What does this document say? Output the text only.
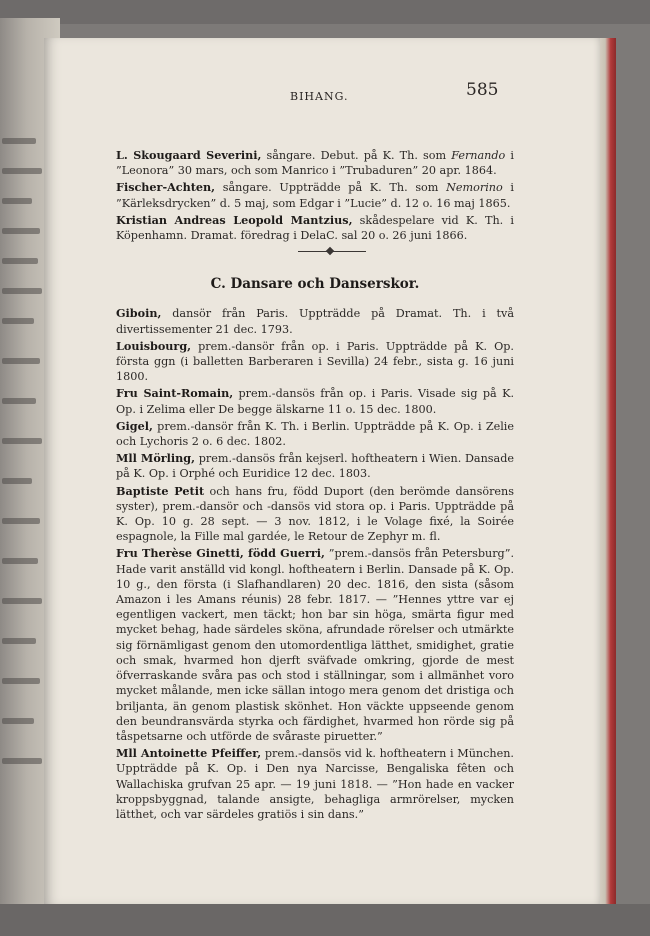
BIHANG.	585

L. Skougaard Severini, sångare. Debut. på K. Th. som Fernando i ”Leonora” 30 mars, och som Manrico i ”Trubaduren” 20 apr. 1864.

Fischer-Achten, sångare. Uppträdde på K. Th. som Nemorino i ”Kärleksdrycken” d. 5 maj, som Edgar i ”Lucie” d. 12 o. 16 maj 1865.

Kristian Andreas Leopold Mantzius, skådespelare vid K. Th. i Köpenhamn. Dramat. föredrag i DelaC. sal 20 o. 26 juni 1866.

C. Dansare och Danserskor.

Giboin, dansör från Paris. Uppträdde på Dramat. Th. i två divertissementer 21 dec. 1793.

Louisbourg, prem.-dansör från op. i Paris. Uppträdde på K. Op. första ggn (i balletten Barberaren i Sevilla) 24 febr., sista g. 16 juni 1800.

Fru Saint-Romain, prem.-dansös från op. i Paris. Visade sig på K. Op. i Zelima eller De begge älskarne 11 o. 15 dec. 1800.

Gigel, prem.-dansör från K. Th. i Berlin. Uppträdde på K. Op. i Zelie och Lychoris 2 o. 6 dec. 1802.

Mll Mörling, prem.-dansös från kejserl. hoftheatern i Wien. Dansade på K. Op. i Orphé och Euridice 12 dec. 1803.

Baptiste Petit och hans fru, född Duport (den berömde dansörens syster), prem.-dansör och -dansös vid stora op. i Paris. Uppträdde på K. Op. 10 g. 28 sept. — 3 nov. 1812, i le Volage fixé, la Soirée espagnole, la Fille mal gardée, le Retour de Zephyr m. fl.

Fru Therèse Ginetti, född Guerri, ”prem.-dansös från Petersburg”. Hade varit anställd vid kongl. hoftheatern i Berlin. Dansade på K. Op. 10 g., den första (i Slafhandlaren) 20 dec. 1816, den sista (såsom Amazon i les Amans réunis) 28 febr. 1817. — ”Hennes yttre var ej egentligen vackert, men täckt; hon bar sin höga, smärta figur med mycket behag, hade särdeles sköna, afrundade rörelser och utmärkte sig förnämligast genom den utomordentliga lätthet, smidighet, gratie och smak, hvarmed hon djerft sväfvade omkring, gjorde de mest öfverraskande svåra pas och stod i ställningar, som i allmänhet voro mycket målande, men icke sällan intogo mera genom det dristiga och briljanta, än genom plastisk skönhet. Hon väckte uppseende genom den beundransvärda styrka och färdighet, hvarmed hon rörde sig på tåspetsarne och utförde de svåraste piruetter.”

Mll Antoinette Pfeiffer, prem.-dansös vid k. hoftheatern i München. Uppträdde på K. Op. i Den nya Narcisse, Bengaliska fêten och Wallachiska grufvan 25 apr. — 19 juni 1818. — ”Hon hade en vacker kroppsbyggnad, talande ansigte, behagliga armrörelser, mycken lätthet, och var särdeles gratiös i sin dans.”
